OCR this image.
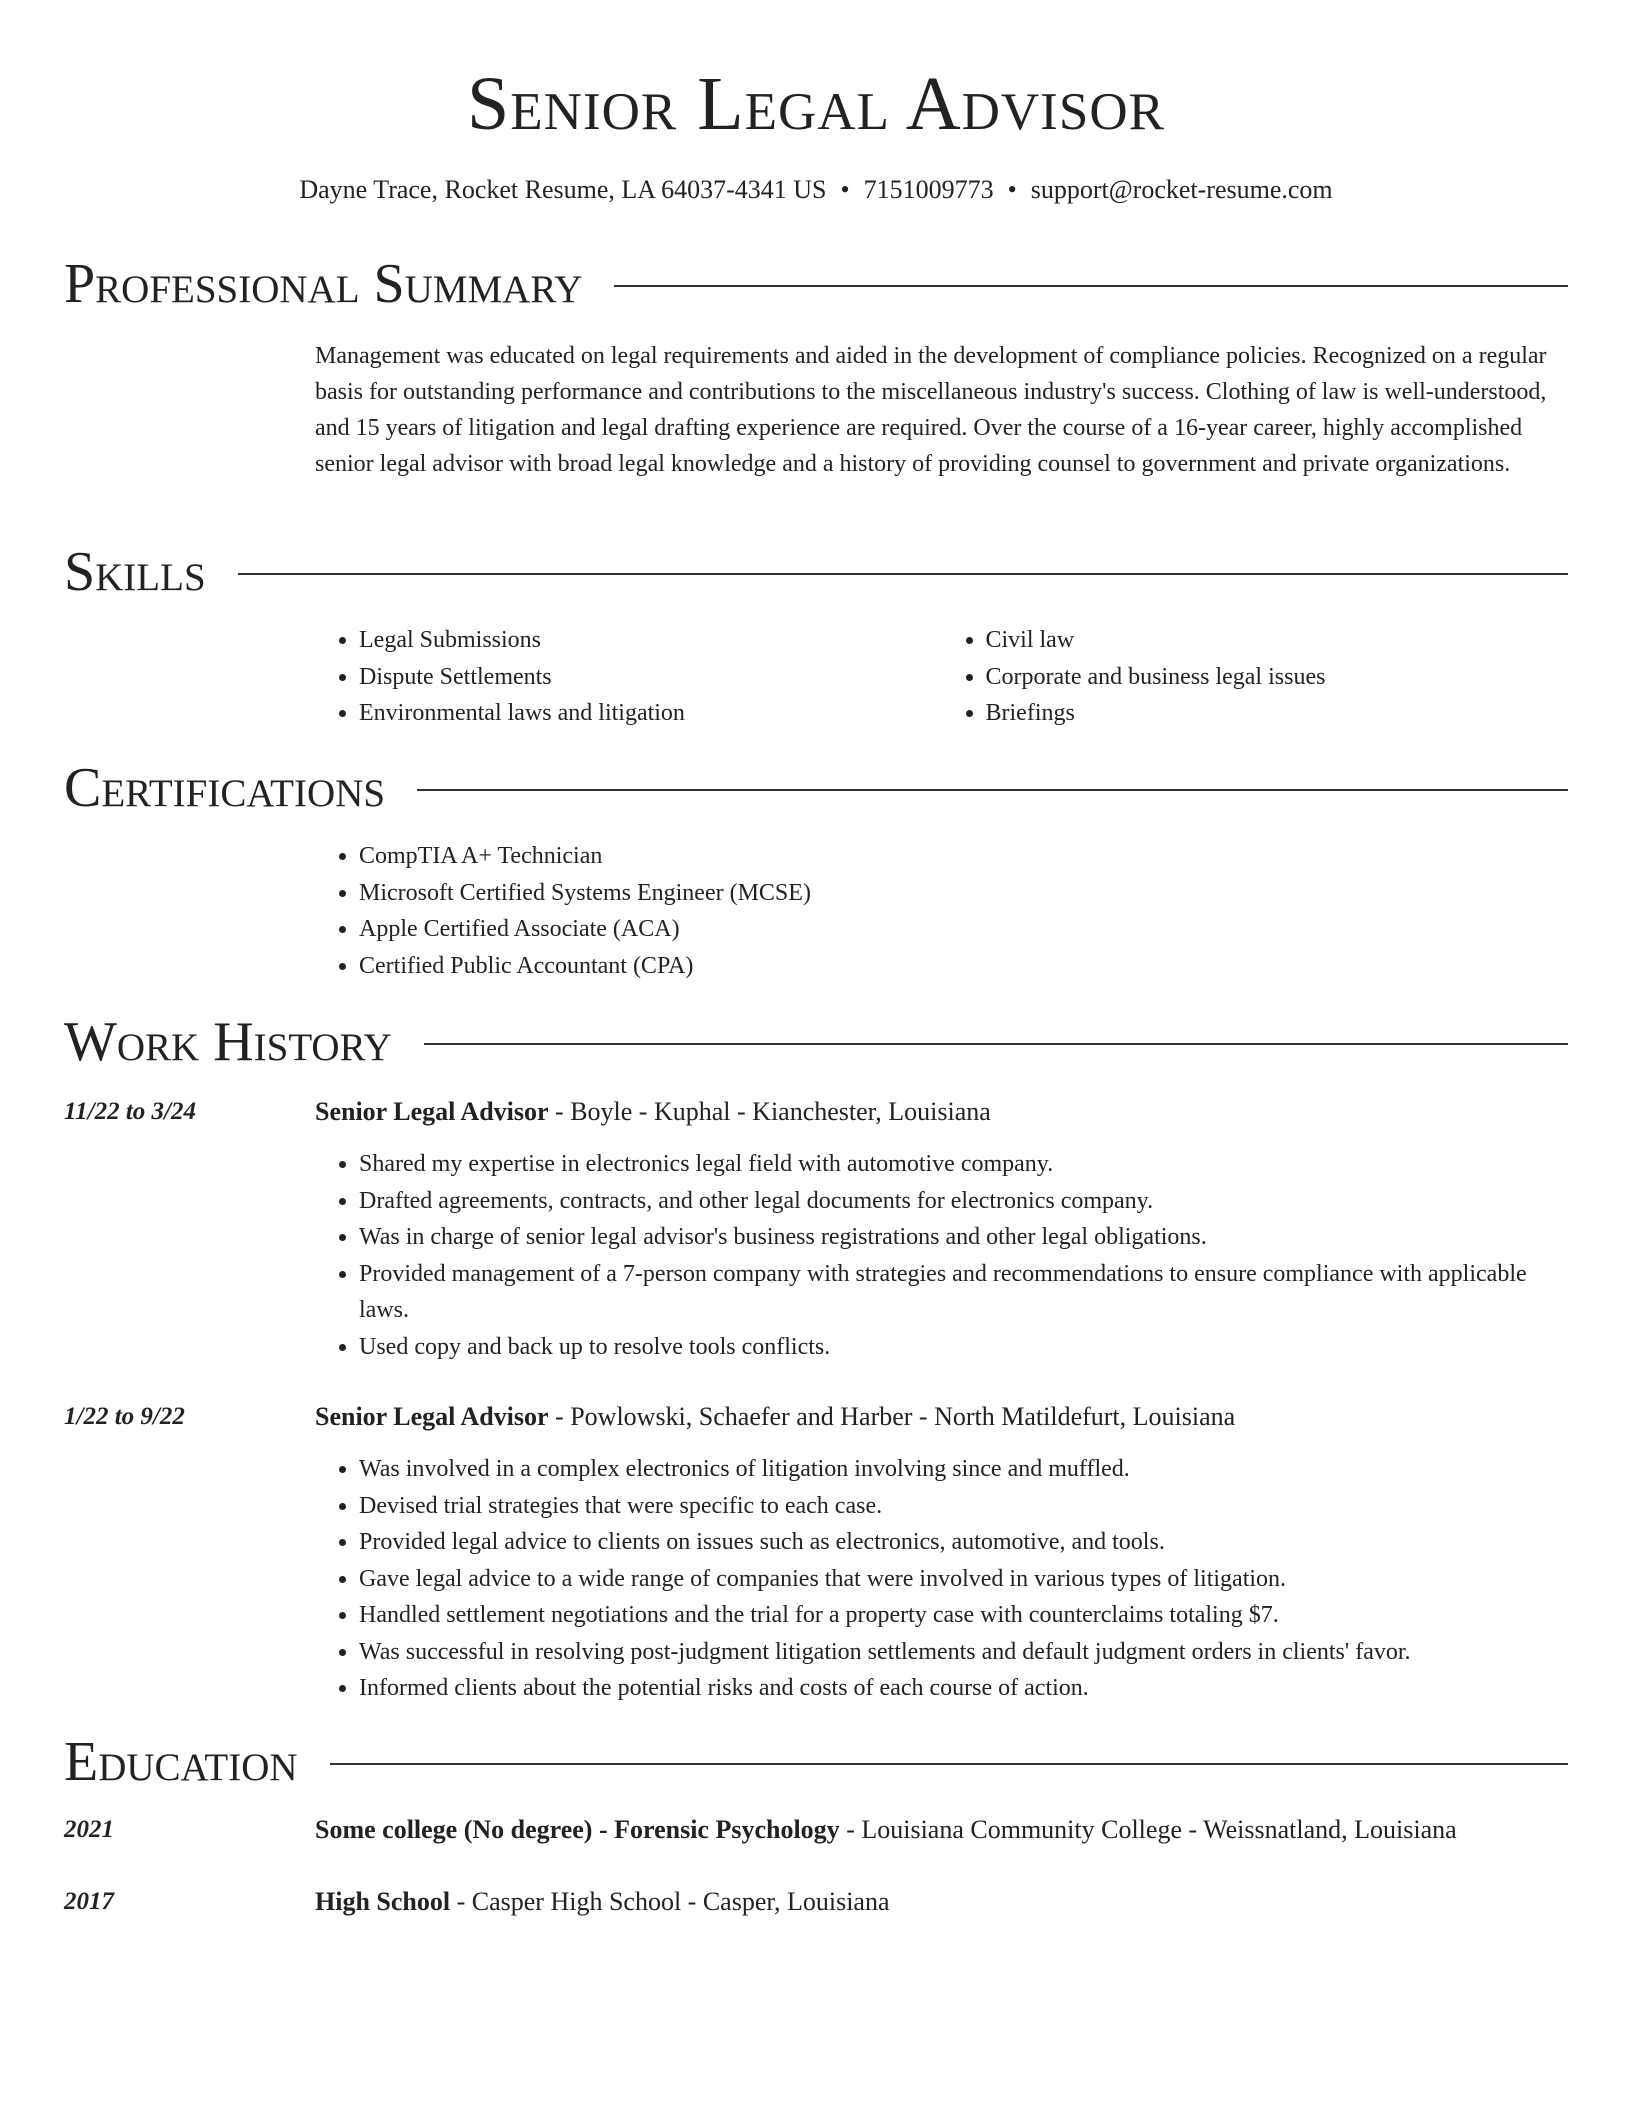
Senior Legal Advisor
Dayne Trace, Rocket Resume, LA 64037-4341 US • 7151009773 • support@rocket-resume.com
Professional Summary
Management was educated on legal requirements and aided in the development of compliance policies. Recognized on a regular basis for outstanding performance and contributions to the miscellaneous industry's success. Clothing of law is well-understood, and 15 years of litigation and legal drafting experience are required. Over the course of a 16-year career, highly accomplished senior legal advisor with broad legal knowledge and a history of providing counsel to government and private organizations.
Skills
• Legal Submissions
• Dispute Settlements
• Environmental laws and litigation
• Civil law
• Corporate and business legal issues
• Briefings
Certifications
• CompTIA A+ Technician
• Microsoft Certified Systems Engineer (MCSE)
• Apple Certified Associate (ACA)
• Certified Public Accountant (CPA)
Work History
11/22 to 3/24	Senior Legal Advisor - Boyle - Kuphal - Kianchester, Louisiana
• Shared my expertise in electronics legal field with automotive company.
• Drafted agreements, contracts, and other legal documents for electronics company.
• Was in charge of senior legal advisor's business registrations and other legal obligations.
• Provided management of a 7-person company with strategies and recommendations to ensure compliance with applicable laws.
• Used copy and back up to resolve tools conflicts.
1/22 to 9/22	Senior Legal Advisor - Powlowski, Schaefer and Harber - North Matildefurt, Louisiana
• Was involved in a complex electronics of litigation involving since and muffled.
• Devised trial strategies that were specific to each case.
• Provided legal advice to clients on issues such as electronics, automotive, and tools.
• Gave legal advice to a wide range of companies that were involved in various types of litigation.
• Handled settlement negotiations and the trial for a property case with counterclaims totaling $7.
• Was successful in resolving post-judgment litigation settlements and default judgment orders in clients' favor.
• Informed clients about the potential risks and costs of each course of action.
Education
2021	Some college (No degree) - Forensic Psychology - Louisiana Community College - Weissnatland, Louisiana
2017	High School - Casper High School - Casper, Louisiana
